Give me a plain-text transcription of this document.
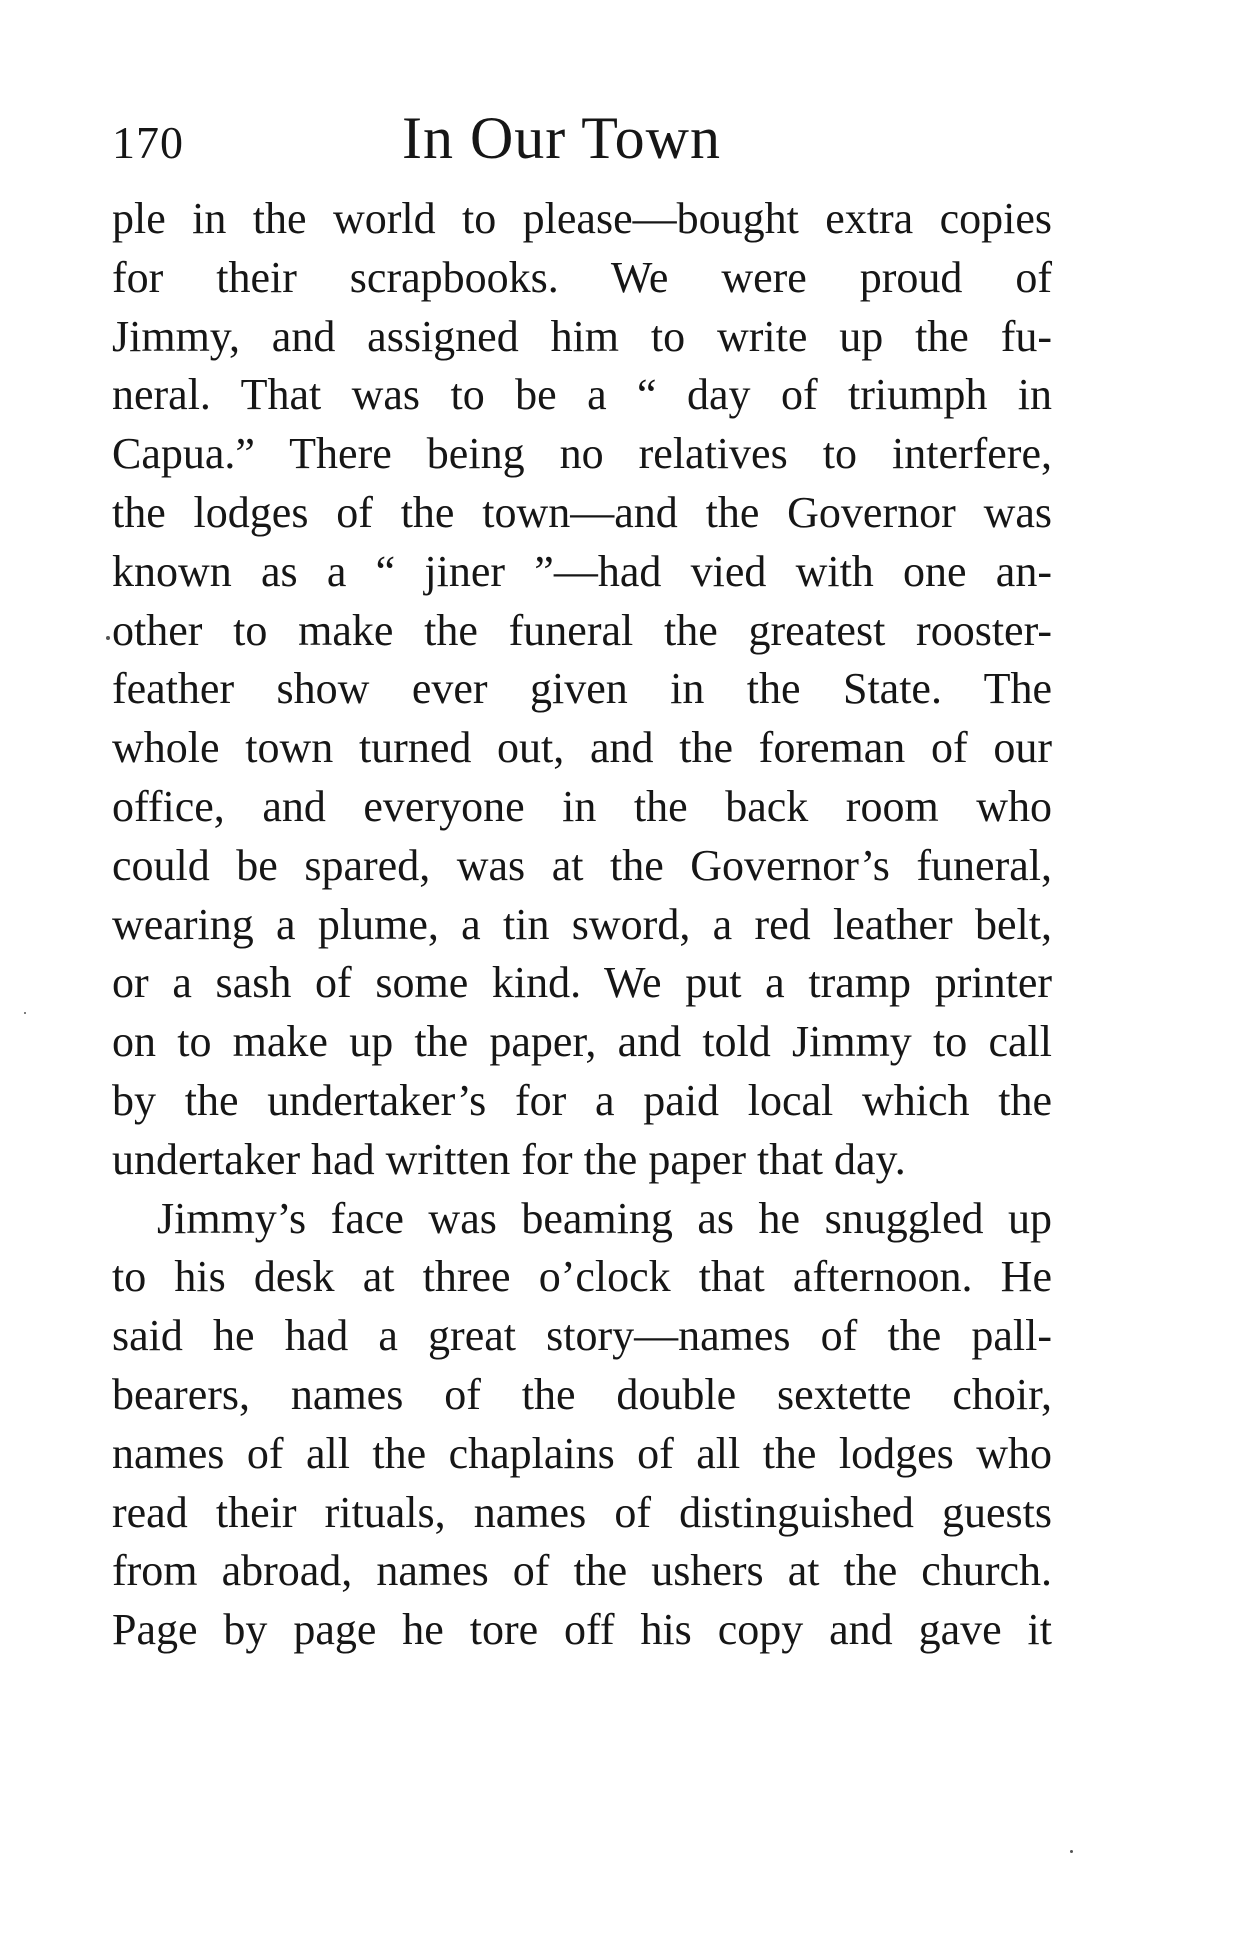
170	In Our Town
ple in the world to please—bought extra copies
for their scrapbooks. We were proud of
Jimmy, and assigned him to write up the fu-
neral. That was to be a “ day of triumph in
Capua.” There being no relatives to interfere,
the lodges of the town—and the Governor was
known as a “ jiner ”—had vied with one an-
other to make the funeral the greatest rooster-
feather show ever given in the State. The
whole town turned out, and the foreman of our
office, and everyone in the back room who
could be spared, was at the Governor’s funeral,
wearing a plume, a tin sword, a red leather belt,
or a sash of some kind. We put a tramp printer
on to make up the paper, and told Jimmy to call
by the undertaker’s for a paid local which the
undertaker had written for the paper that day.
Jimmy’s face was beaming as he snuggled up
to his desk at three o’clock that afternoon. He
said he had a great story—names of the pall-
bearers, names of the double sextette choir,
names of all the chaplains of all the lodges who
read their rituals, names of distinguished guests
from abroad, names of the ushers at the church.
Page by page he tore off his copy and gave it
